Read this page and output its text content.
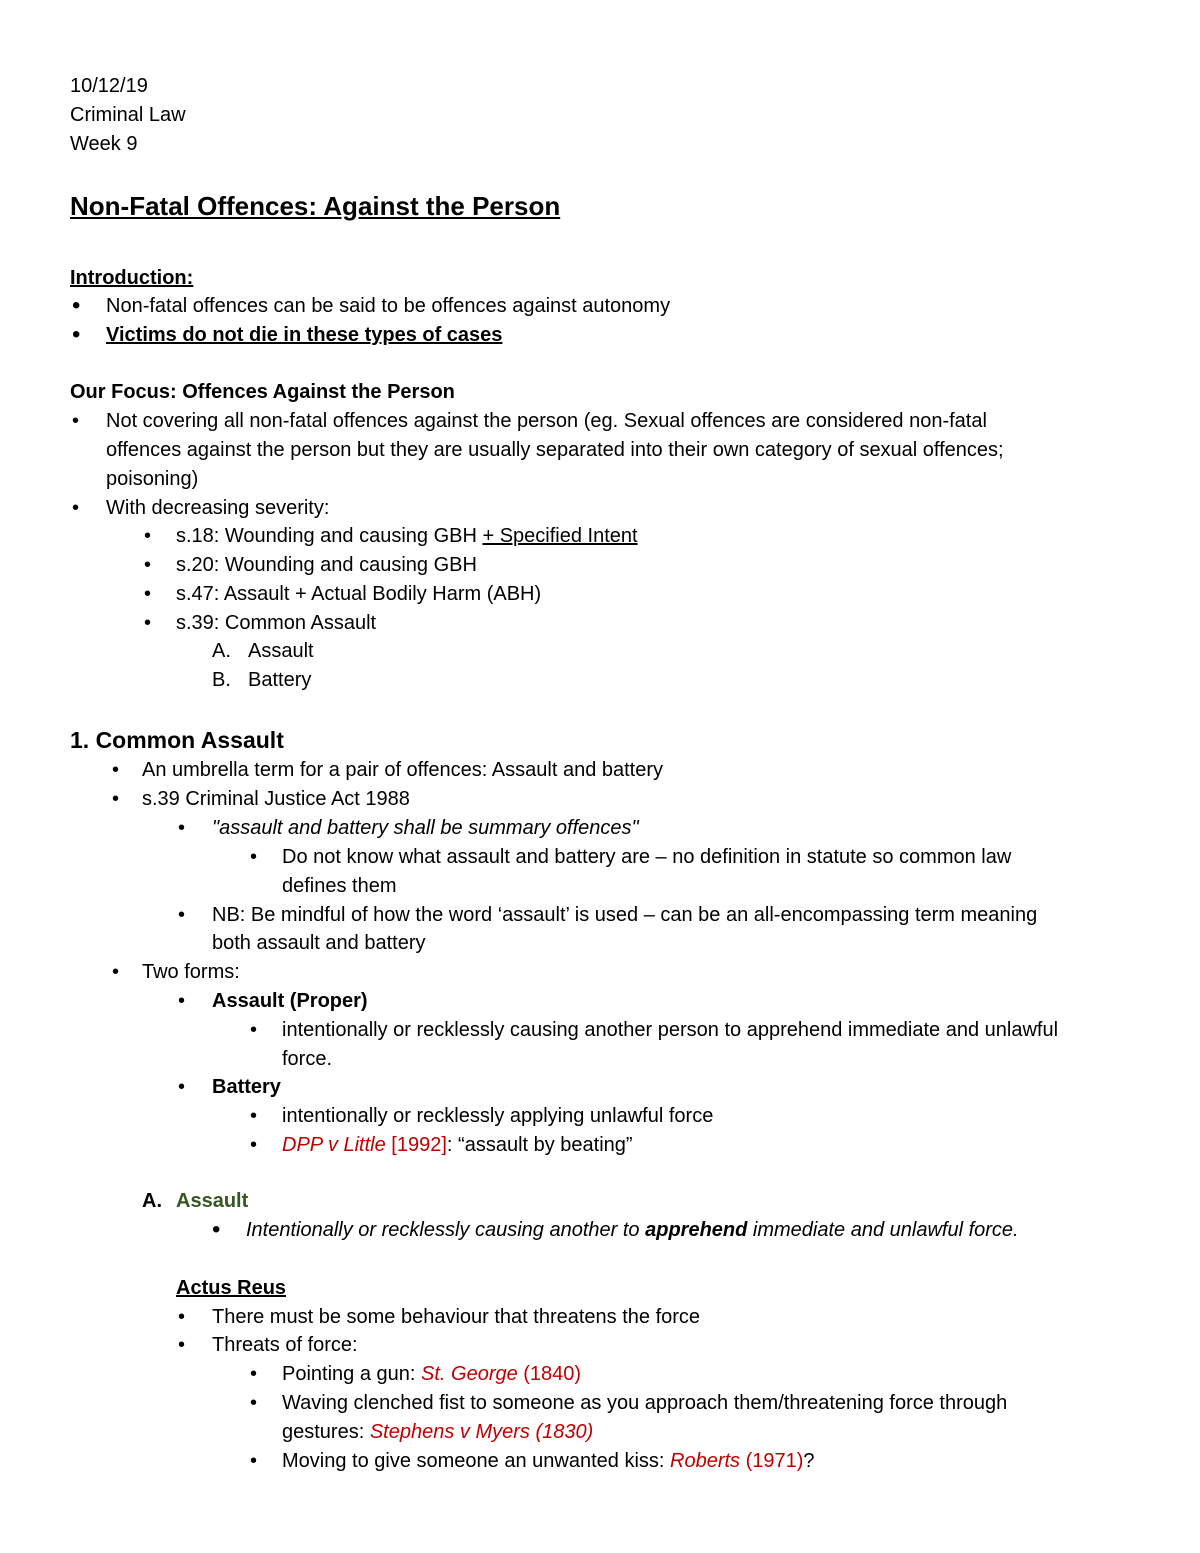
10/12/19
Criminal Law
Week 9
Non-Fatal Offences: Against the Person
Introduction:
• Non-fatal offences can be said to be offences against autonomy
• Victims do not die in these types of cases
Our Focus: Offences Against the Person
• Not covering all non-fatal offences against the person (eg. Sexual offences are considered non-fatal
offences against the person but they are usually separated into their own category of sexual offences;
poisoning)
• With decreasing severity:
• s.18: Wounding and causing GBH + Specified Intent
• s.20: Wounding and causing GBH
• s.47: Assault + Actual Bodily Harm (ABH)
• s.39: Common Assault
A. Assault
B. Battery
1. Common Assault
• An umbrella term for a pair of offences: Assault and battery
• s.39 Criminal Justice Act 1988
• "assault and battery shall be summary offences"
• Do not know what assault and battery are – no definition in statute so common law
defines them
• NB: Be mindful of how the word ‘assault’ is used – can be an all-encompassing term meaning
both assault and battery
• Two forms:
• Assault (Proper)
• intentionally or recklessly causing another person to apprehend immediate and unlawful
force.
• Battery
• intentionally or recklessly applying unlawful force
• DPP v Little [1992]: “assault by beating”
A. Assault
• Intentionally or recklessly causing another to apprehend immediate and unlawful force.
Actus Reus
• There must be some behaviour that threatens the force
• Threats of force:
• Pointing a gun: St. George (1840)
• Waving clenched fist to someone as you approach them/threatening force through
gestures: Stephens v Myers (1830)
• Moving to give someone an unwanted kiss: Roberts (1971)?
